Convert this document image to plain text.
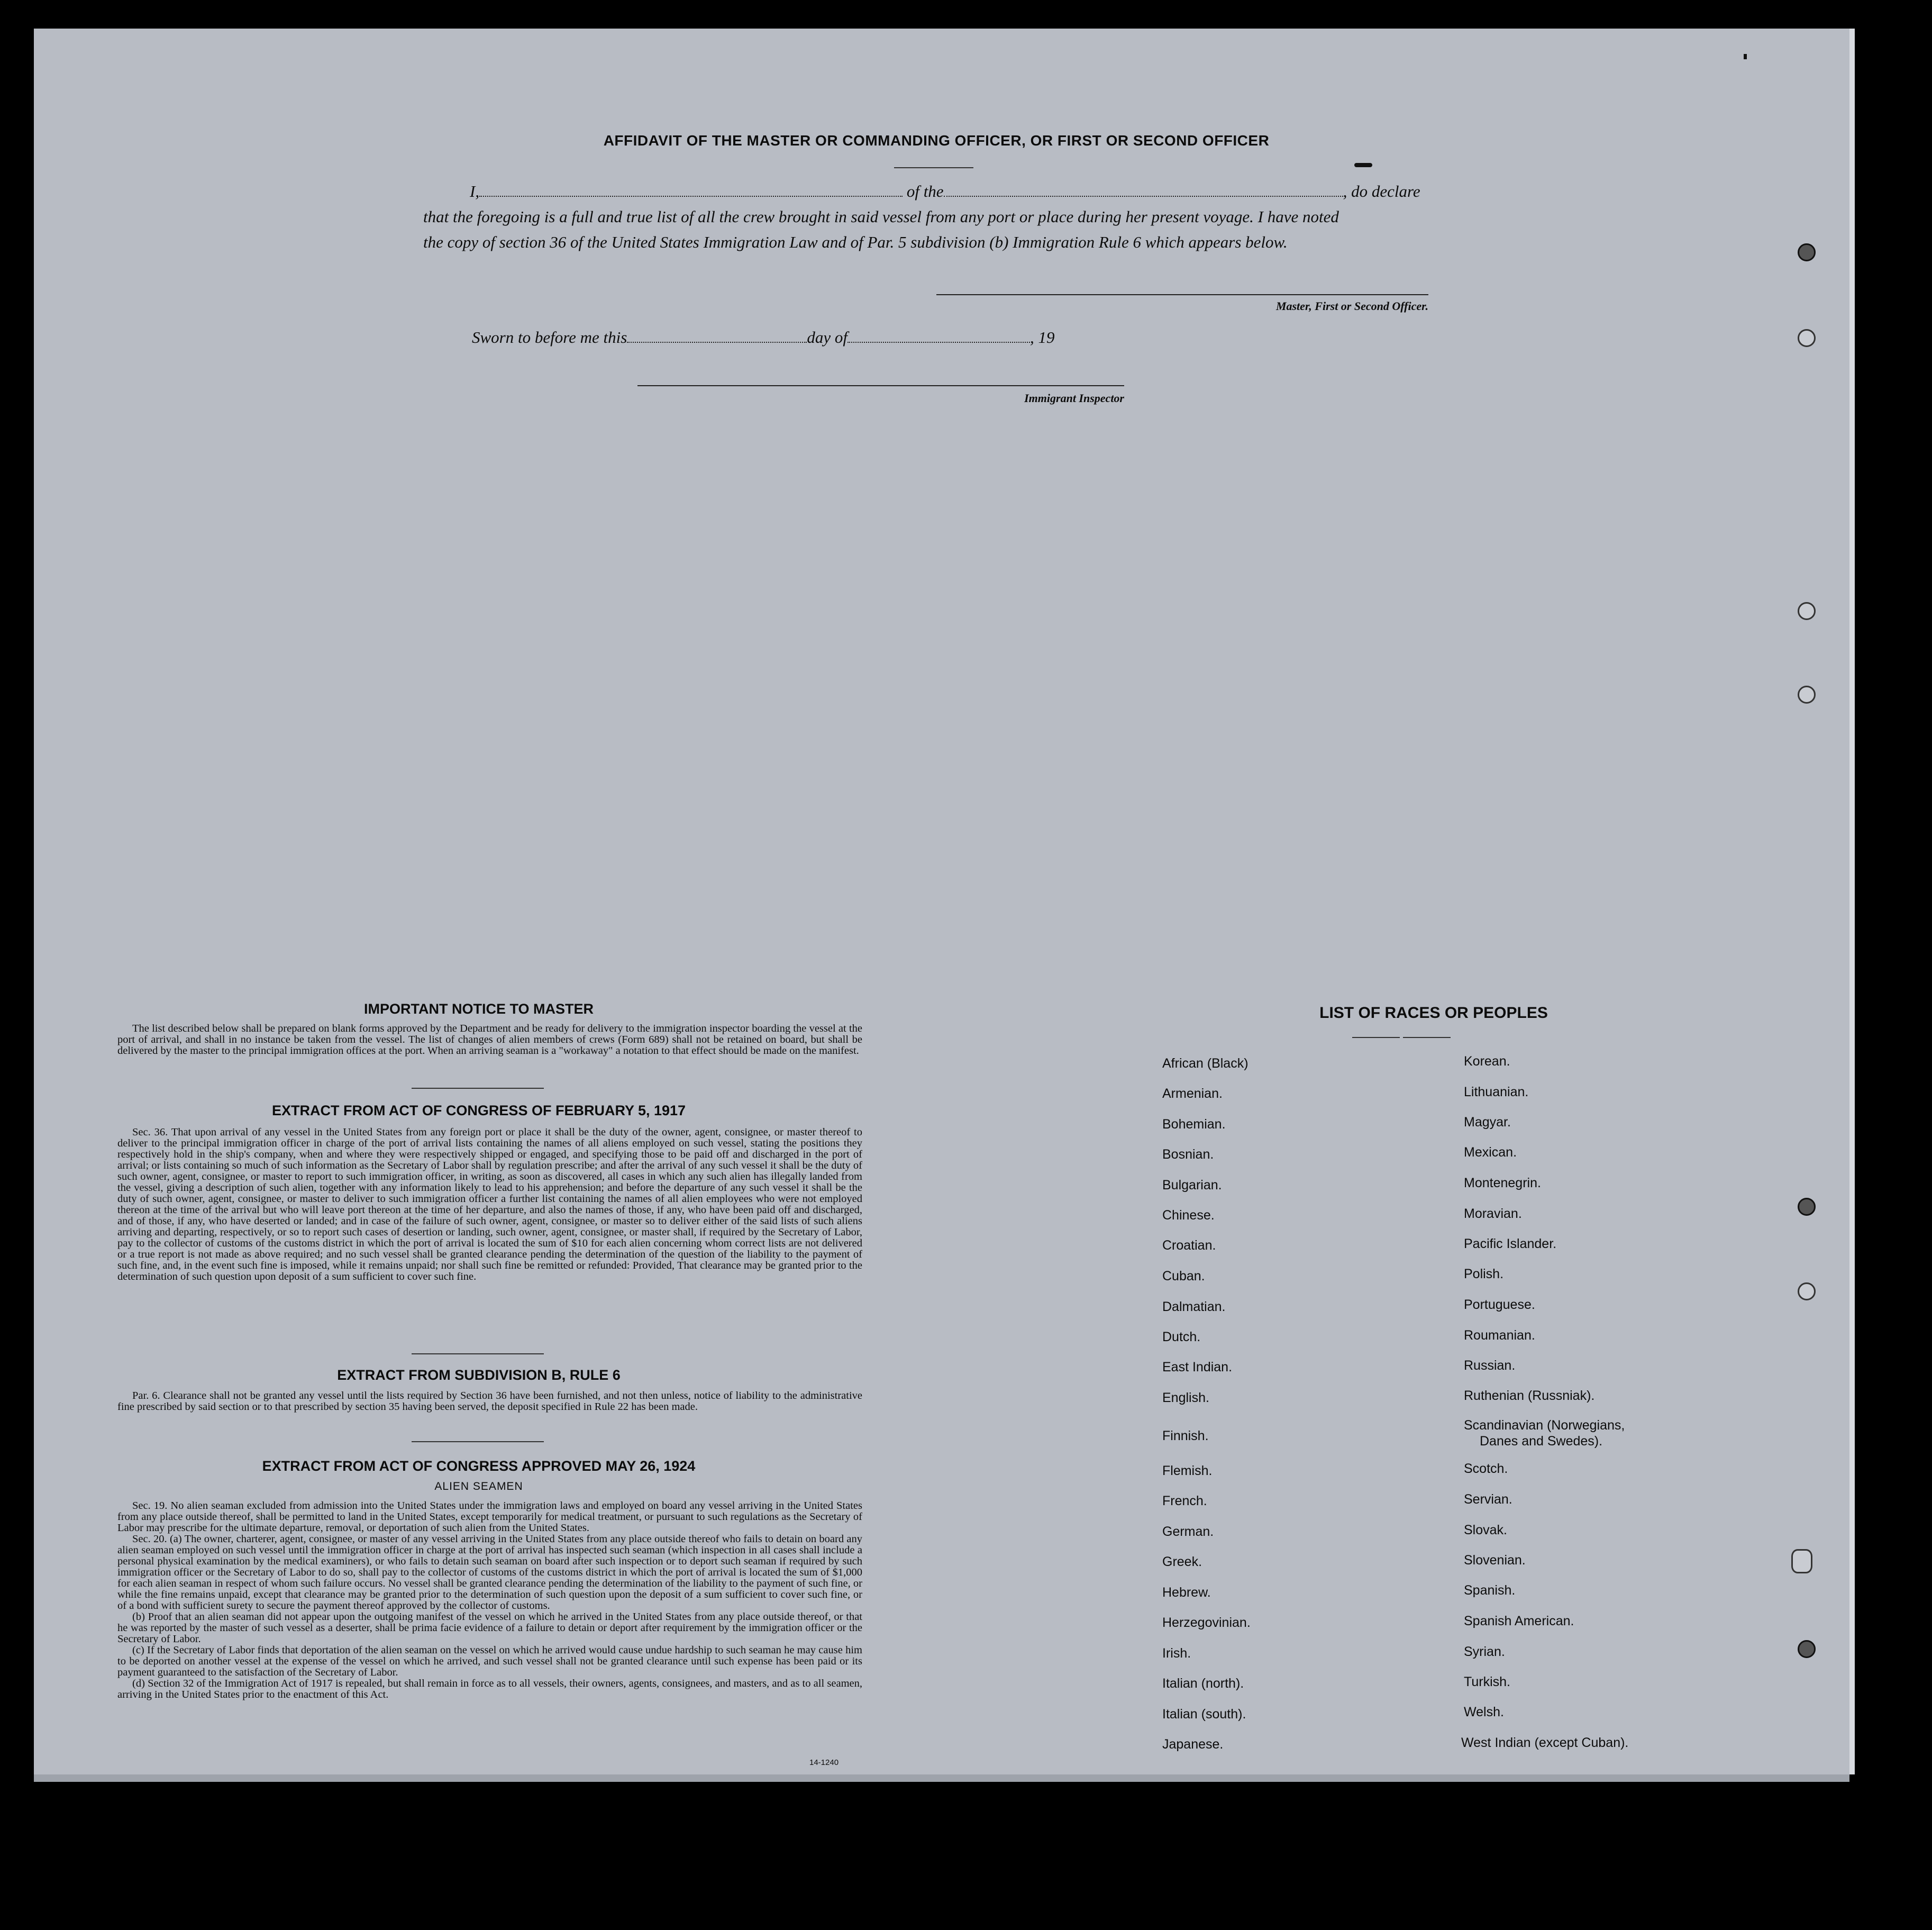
AFFIDAVIT OF THE MASTER OR COMMANDING OFFICER, OR FIRST OR SECOND OFFICER
I,	of the	, do declare
that the foregoing is a full and true list of all the crew brought in said vessel from any port or place during her present voyage. I have noted
the copy of section 36 of the United States Immigration Law and of Par. 5 subdivision (b) Immigration Rule 6 which appears below.
Master, First or Second Officer.
Sworn to before me this	day of	, 19
Immigrant Inspector
IMPORTANT NOTICE TO MASTER

The list described below shall be prepared on blank forms approved by the Department and be ready for delivery to the immigration inspector boarding the vessel at the port of arrival, and shall in no instance be taken from the vessel. The list of changes of alien members of crews (Form 689) shall not be retained on board, but shall be delivered by the master to the principal immigration offices at the port. When an arriving seaman is a "workaway" a notation to that effect should be made on the manifest.

EXTRACT FROM ACT OF CONGRESS OF FEBRUARY 5, 1917

Sec. 36. That upon arrival of any vessel in the United States from any foreign port or place it shall be the duty of the owner, agent, consignee, or master thereof to deliver to the principal immigration officer in charge of the port of arrival lists containing the names of all aliens employed on such vessel, stating the positions they respectively hold in the ship's company, when and where they were respectively shipped or engaged, and specifying those to be paid off and discharged in the port of arrival; or lists containing so much of such information as the Secretary of Labor shall by regulation prescribe; and after the arrival of any such vessel it shall be the duty of such owner, agent, consignee, or master to report to such immigration officer, in writing, as soon as discovered, all cases in which any such alien has illegally landed from the vessel, giving a description of such alien, together with any information likely to lead to his apprehension; and before the departure of any such vessel it shall be the duty of such owner, agent, consignee, or master to deliver to such immigration officer a further list containing the names of all alien employees who were not employed thereon at the time of the arrival but who will leave port thereon at the time of her departure, and also the names of those, if any, who have been paid off and discharged, and of those, if any, who have deserted or landed; and in case of the failure of such owner, agent, consignee, or master so to deliver either of the said lists of such aliens arriving and departing, respectively, or so to report such cases of desertion or landing, such owner, agent, consignee, or master shall, if required by the Secretary of Labor, pay to the collector of customs of the customs district in which the port of arrival is located the sum of $10 for each alien concerning whom correct lists are not delivered or a true report is not made as above required; and no such vessel shall be granted clearance pending the determination of the question of the liability to the payment of such fine, and, in the event such fine is imposed, while it remains unpaid; nor shall such fine be remitted or refunded: Provided, That clearance may be granted prior to the determination of such question upon deposit of a sum sufficient to cover such fine.

EXTRACT FROM SUBDIVISION B, RULE 6

Par. 6. Clearance shall not be granted any vessel until the lists required by Section 36 have been furnished, and not then unless, notice of liability to the administrative fine prescribed by said section or to that prescribed by section 35 having been served, the deposit specified in Rule 22 has been made.

EXTRACT FROM ACT OF CONGRESS APPROVED MAY 26, 1924
ALIEN SEAMEN

Sec. 19. No alien seaman excluded from admission into the United States under the immigration laws and employed on board any vessel arriving in the United States from any place outside thereof, shall be permitted to land in the United States, except temporarily for medical treatment, or pursuant to such regulations as the Secretary of Labor may prescribe for the ultimate departure, removal, or deportation of such alien from the United States.

Sec. 20. (a) The owner, charterer, agent, consignee, or master of any vessel arriving in the United States from any place outside thereof who fails to detain on board any alien seaman employed on such vessel until the immigration officer in charge at the port of arrival has inspected such seaman (which inspection in all cases shall include a personal physical examination by the medical examiners), or who fails to detain such seaman on board after such inspection or to deport such seaman if required by such immigration officer or the Secretary of Labor to do so, shall pay to the collector of customs of the customs district in which the port of arrival is located the sum of $1,000 for each alien seaman in respect of whom such failure occurs. No vessel shall be granted clearance pending the determination of the liability to the payment of such fine, or while the fine remains unpaid, except that clearance may be granted prior to the determination of such question upon the deposit of a sum sufficient to cover such fine, or of a bond with sufficient surety to secure the payment thereof approved by the collector of customs.

(b) Proof that an alien seaman did not appear upon the outgoing manifest of the vessel on which he arrived in the United States from any place outside thereof, or that he was reported by the master of such vessel as a deserter, shall be prima facie evidence of a failure to detain or deport after requirement by the immigration officer or the Secretary of Labor.

(c) If the Secretary of Labor finds that deportation of the alien seaman on the vessel on which he arrived would cause undue hardship to such seaman he may cause him to be deported on another vessel at the expense of the vessel on which he arrived, and such vessel shall not be granted clearance until such expense has been paid or its payment guaranteed to the satisfaction of the Secretary of Labor.

(d) Section 32 of the Immigration Act of 1917 is repealed, but shall remain in force as to all vessels, their owners, agents, consignees, and masters, and as to all seamen, arriving in the United States prior to the enactment of this Act.

14-1240
LIST OF RACES OR PEOPLES
African (Black)
Armenian.
Bohemian.
Bosnian.
Bulgarian.
Chinese.
Croatian.
Cuban.
Dalmatian.
Dutch.
East Indian.
English.
Finnish.
Flemish.
French.
German.
Greek.
Hebrew.
Herzegovinian.
Irish.
Italian (north).
Italian (south).
Japanese.
Korean.
Lithuanian.
Magyar.
Mexican.
Montenegrin.
Moravian.
Pacific Islander.
Polish.
Portuguese.
Roumanian.
Russian.
Ruthenian (Russniak).
Scandinavian (Norwegians,
Danes and Swedes).
Scotch.
Servian.
Slovak.
Slovenian.
Spanish.
Spanish American.
Syrian.
Turkish.
Welsh.
West Indian (except Cuban).
